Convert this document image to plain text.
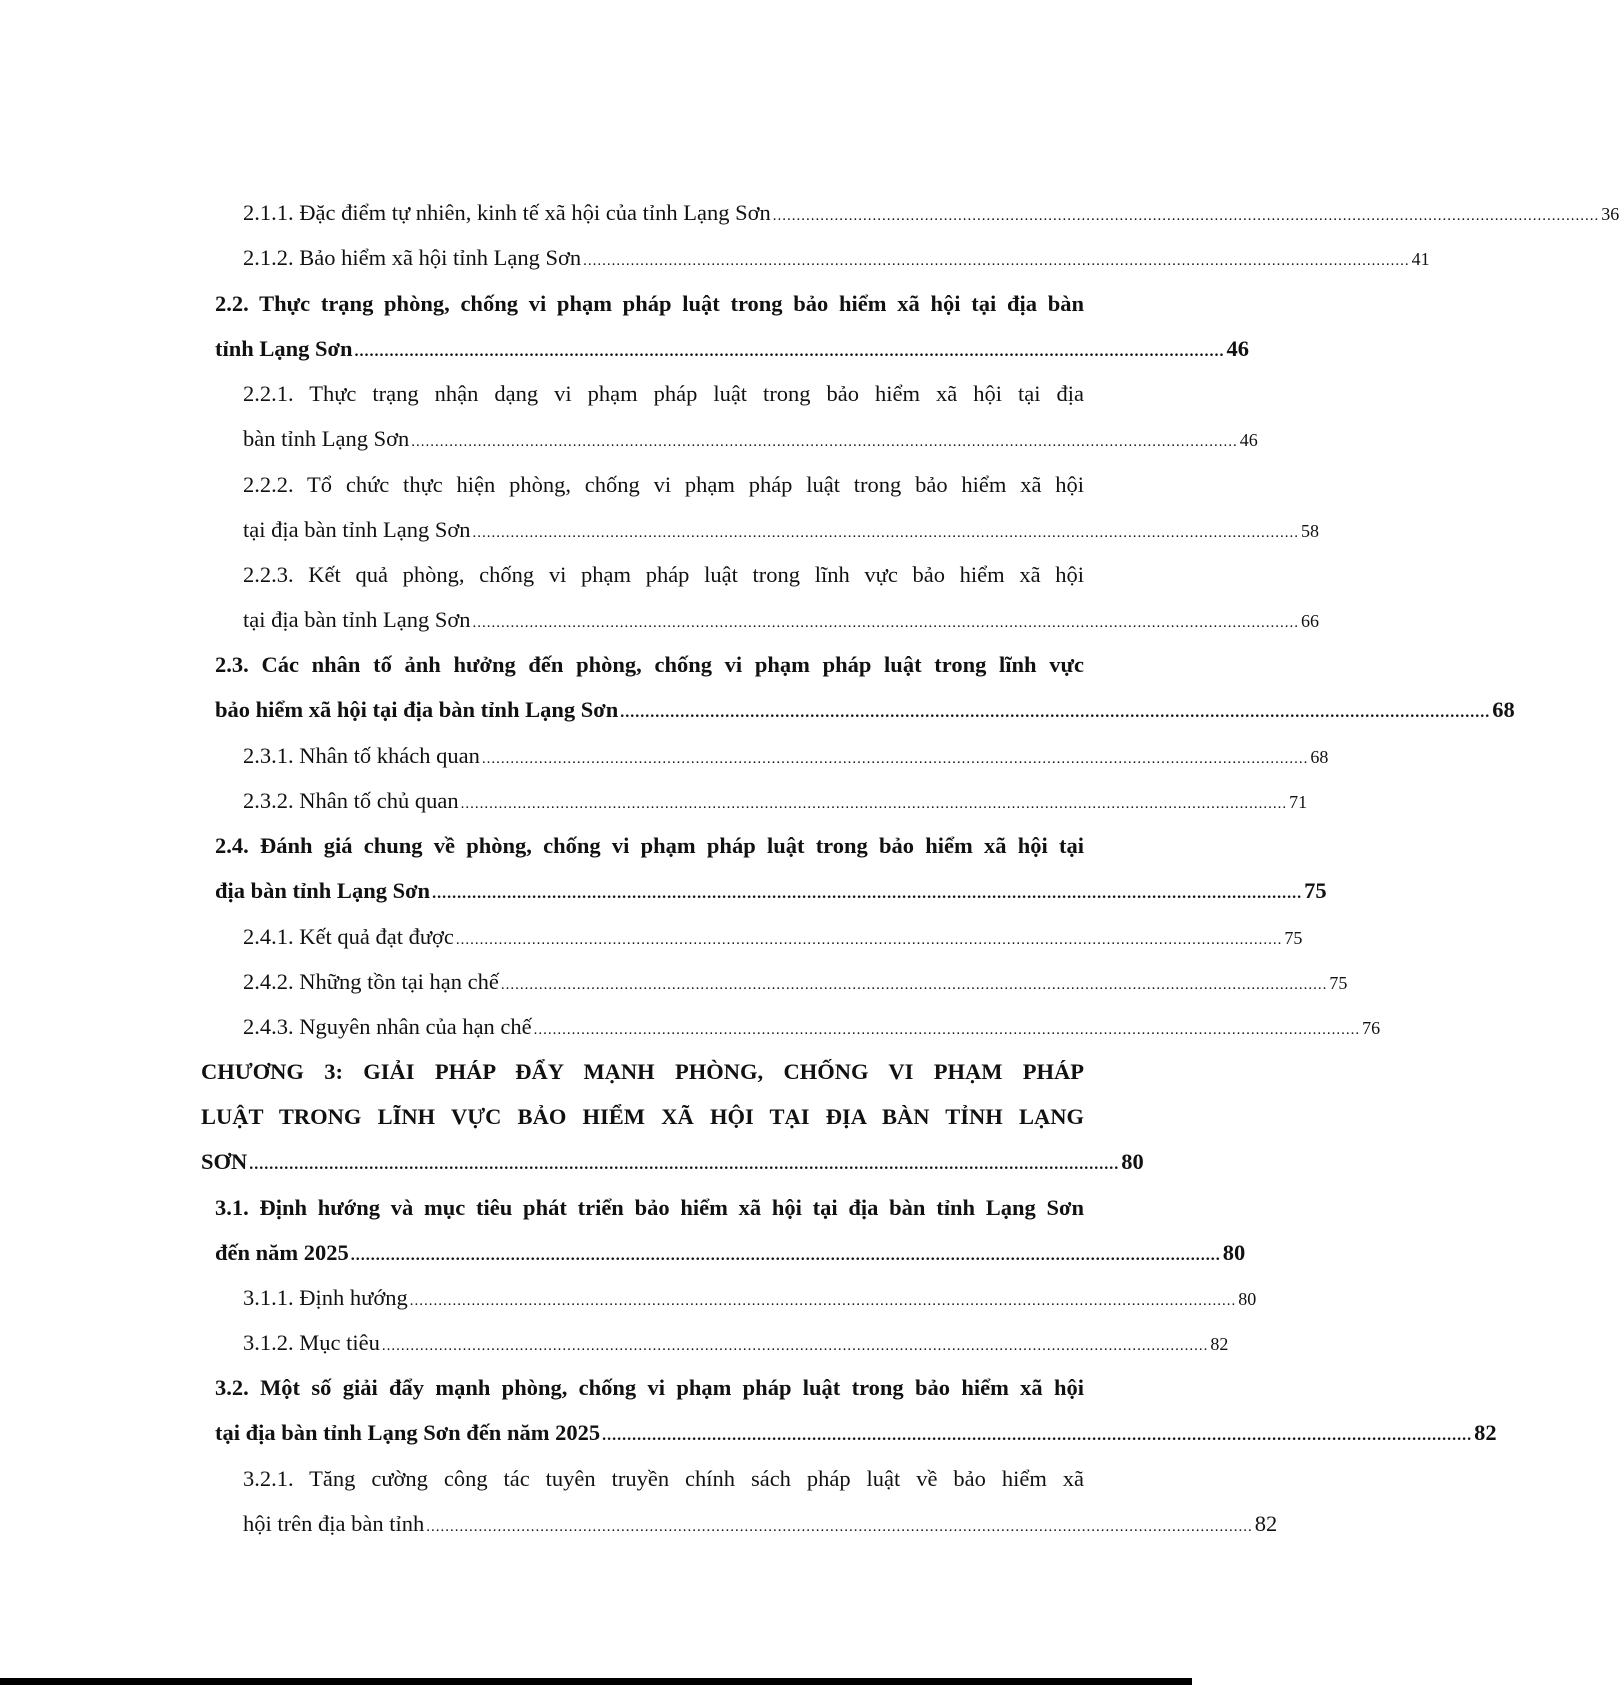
2.1.1. Đặc điểm tự nhiên, kinh tế xã hội của tỉnh Lạng Sơn .............................................................................................................................................................................. 36
2.1.2. Bảo hiểm xã hội tỉnh Lạng Sơn .............................................................................................................................................................................. 41
2.2. Thực trạng phòng, chống vi phạm pháp luật trong bảo hiểm xã hội tại địa bàn
tỉnh Lạng Sơn .............................................................................................................................................................................. 46
2.2.1. Thực trạng nhận dạng vi phạm pháp luật trong bảo hiểm xã hội tại địa
bàn tỉnh Lạng Sơn .............................................................................................................................................................................. 46
2.2.2. Tổ chức thực hiện phòng, chống vi phạm pháp luật trong bảo hiểm xã hội
tại địa bàn tỉnh Lạng Sơn .............................................................................................................................................................................. 58
2.2.3. Kết quả phòng, chống vi phạm pháp luật trong lĩnh vực bảo hiểm xã hội
tại địa bàn tỉnh Lạng Sơn .............................................................................................................................................................................. 66
2.3. Các nhân tố ảnh hưởng đến phòng, chống vi phạm pháp luật trong lĩnh vực
bảo hiểm xã hội tại địa bàn tỉnh Lạng Sơn .............................................................................................................................................................................. 68
2.3.1. Nhân tố khách quan .............................................................................................................................................................................. 68
2.3.2. Nhân tố chủ quan .............................................................................................................................................................................. 71
2.4. Đánh giá chung về phòng, chống vi phạm pháp luật trong bảo hiểm xã hội tại
địa bàn tỉnh Lạng Sơn .............................................................................................................................................................................. 75
2.4.1. Kết quả đạt được .............................................................................................................................................................................. 75
2.4.2. Những tồn tại hạn chế .............................................................................................................................................................................. 75
2.4.3. Nguyên nhân của hạn chế .............................................................................................................................................................................. 76
CHƯƠNG 3: GIẢI PHÁP ĐẨY MẠNH PHÒNG, CHỐNG VI PHẠM PHÁP
LUẬT TRONG LĨNH VỰC BẢO HIỂM XÃ HỘI TẠI ĐỊA BÀN TỈNH LẠNG
SƠN .............................................................................................................................................................................. 80
3.1. Định hướng và mục tiêu phát triển bảo hiểm xã hội tại địa bàn tỉnh Lạng Sơn
đến năm 2025 .............................................................................................................................................................................. 80
3.1.1. Định hướng .............................................................................................................................................................................. 80
3.1.2. Mục tiêu .............................................................................................................................................................................. 82
3.2. Một số giải đẩy mạnh phòng, chống vi phạm pháp luật trong bảo hiểm xã hội
tại địa bàn tỉnh Lạng Sơn đến năm 2025 .............................................................................................................................................................................. 82
3.2.1. Tăng cường công tác tuyên truyền chính sách pháp luật về bảo hiểm xã
hội trên địa bàn tỉnh .............................................................................................................................................................................. 82
